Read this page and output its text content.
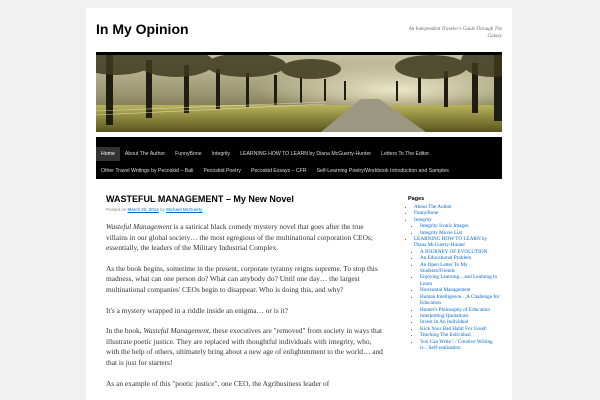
In My Opinion	An Independent Traveler's Guide Through The Galaxy
Home	About The Author	FunnyBone	Integrity	LEARNING HOW TO LEARN by Diana McGuerty-Hunter	Letters To The Editor
Other Travel Writings by Pecoskid – Bali	Pecoskid Poetry	Pecoskid Essays – CFR	Self-Learning Poetry/Workbook Introduction and Samples
WASTEFUL MANAGEMENT – My New Novel
Posted on March 22, 2014 by Michael McGuerty

Wasteful Management is a satirical black comedy mystery novel that goes after the true villains in our global society… the most egregious of the multinational corporation CEOs; essentially, the leaders of the Military Industrial Complex.

As the book begins, sometime in the present, corporate tyranny reigns supreme. To stop this madness, what can one person do? What can anybody do? Until one day… the largest multinational companies' CEOs begin to disappear. Who is doing this, and why?

It's a mystery wrapped in a riddle inside an enigma… or is it?

In the book, Wasteful Management, these executives are "removed" from society in ways that illustrate poetic justice. They are replaced with thoughtful individuals with integrity, who, with the help of others, ultimately bring about a new age of enlightenment to the world… and that is just for starters!

As an example of this "poetic justice", one CEO, the Agribusiness leader of

Pages
▪ About The Author
▪ FunnyBone
▪ Integrity
▪ Integrity Iconic Images
▪ Integrity Movie List
▪ LEARNING HOW TO LEARN by Diana McGuerty-Hunter
▪ A JOURNEY OF EVOLUTION
▪ An Educational Problem
▪ An Open Letter To My Students/Friends
▪ Enjoying Learning…and Learning to Learn
▪ Horizontal Management
▪ Human Intelligence…A Challenge for Education
▪ Hunter's Philosophy of Education
▪ Interpreting Quotations
▪ Invest In An Individual
▪ Kick Your Bad Habit For Good!
▪ Teaching The Individual
▪ You Can Write ! / Creative Writing is…Self-realization
